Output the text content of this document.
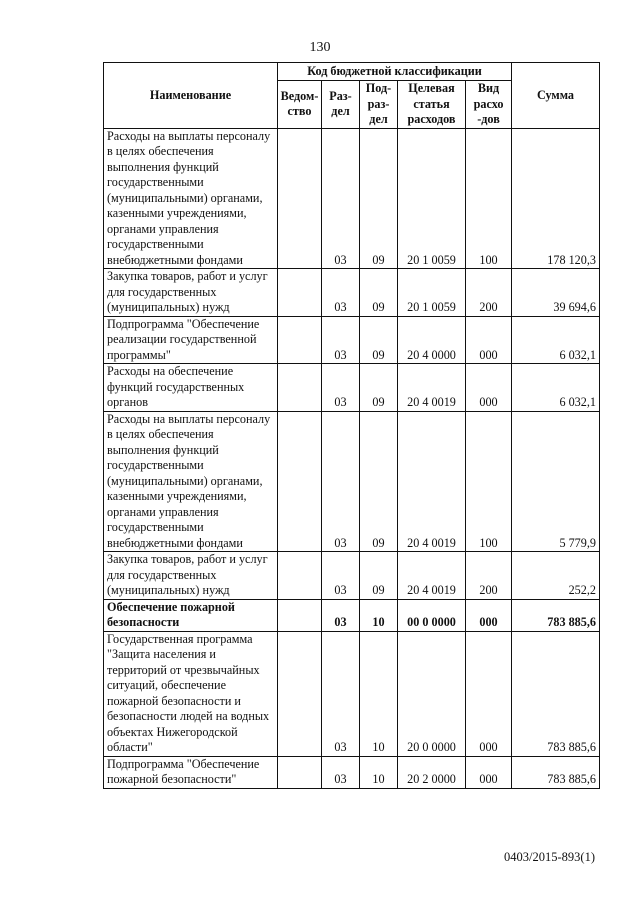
130
Наименование	Код бюджетной классификации					Сумма
	Ведом-ство	Раз-дел	Под-раз-дел	Целевая статья расходов	Вид расхо -дов	
Расходы на выплаты персоналу в целях обеспечения выполнения функций государственными (муниципальными) органами, казенными учреждениями, органами управления государственными внебюджетными фондами		03	09	20 1 0059	100	178 120,3
Закупка товаров, работ и услуг для государственных (муниципальных) нужд		03	09	20 1 0059	200	39 694,6
Подпрограмма "Обеспечение реализации государственной программы"		03	09	20 4 0000	000	6 032,1
Расходы на обеспечение функций государственных органов		03	09	20 4 0019	000	6 032,1
Расходы на выплаты персоналу в целях обеспечения выполнения функций государственными (муниципальными) органами, казенными учреждениями, органами управления государственными внебюджетными фондами		03	09	20 4 0019	100	5 779,9
Закупка товаров, работ и услуг для государственных (муниципальных) нужд		03	09	20 4 0019	200	252,2
Обеспечение пожарной безопасности		03	10	00 0 0000	000	783 885,6
Государственная программа "Защита населения и территорий от чрезвычайных ситуаций, обеспечение пожарной безопасности и безопасности людей на водных объектах Нижегородской области"		03	10	20 0 0000	000	783 885,6
Подпрограмма "Обеспечение пожарной безопасности"		03	10	20 2 0000	000	783 885,6
0403/2015-893(1)
